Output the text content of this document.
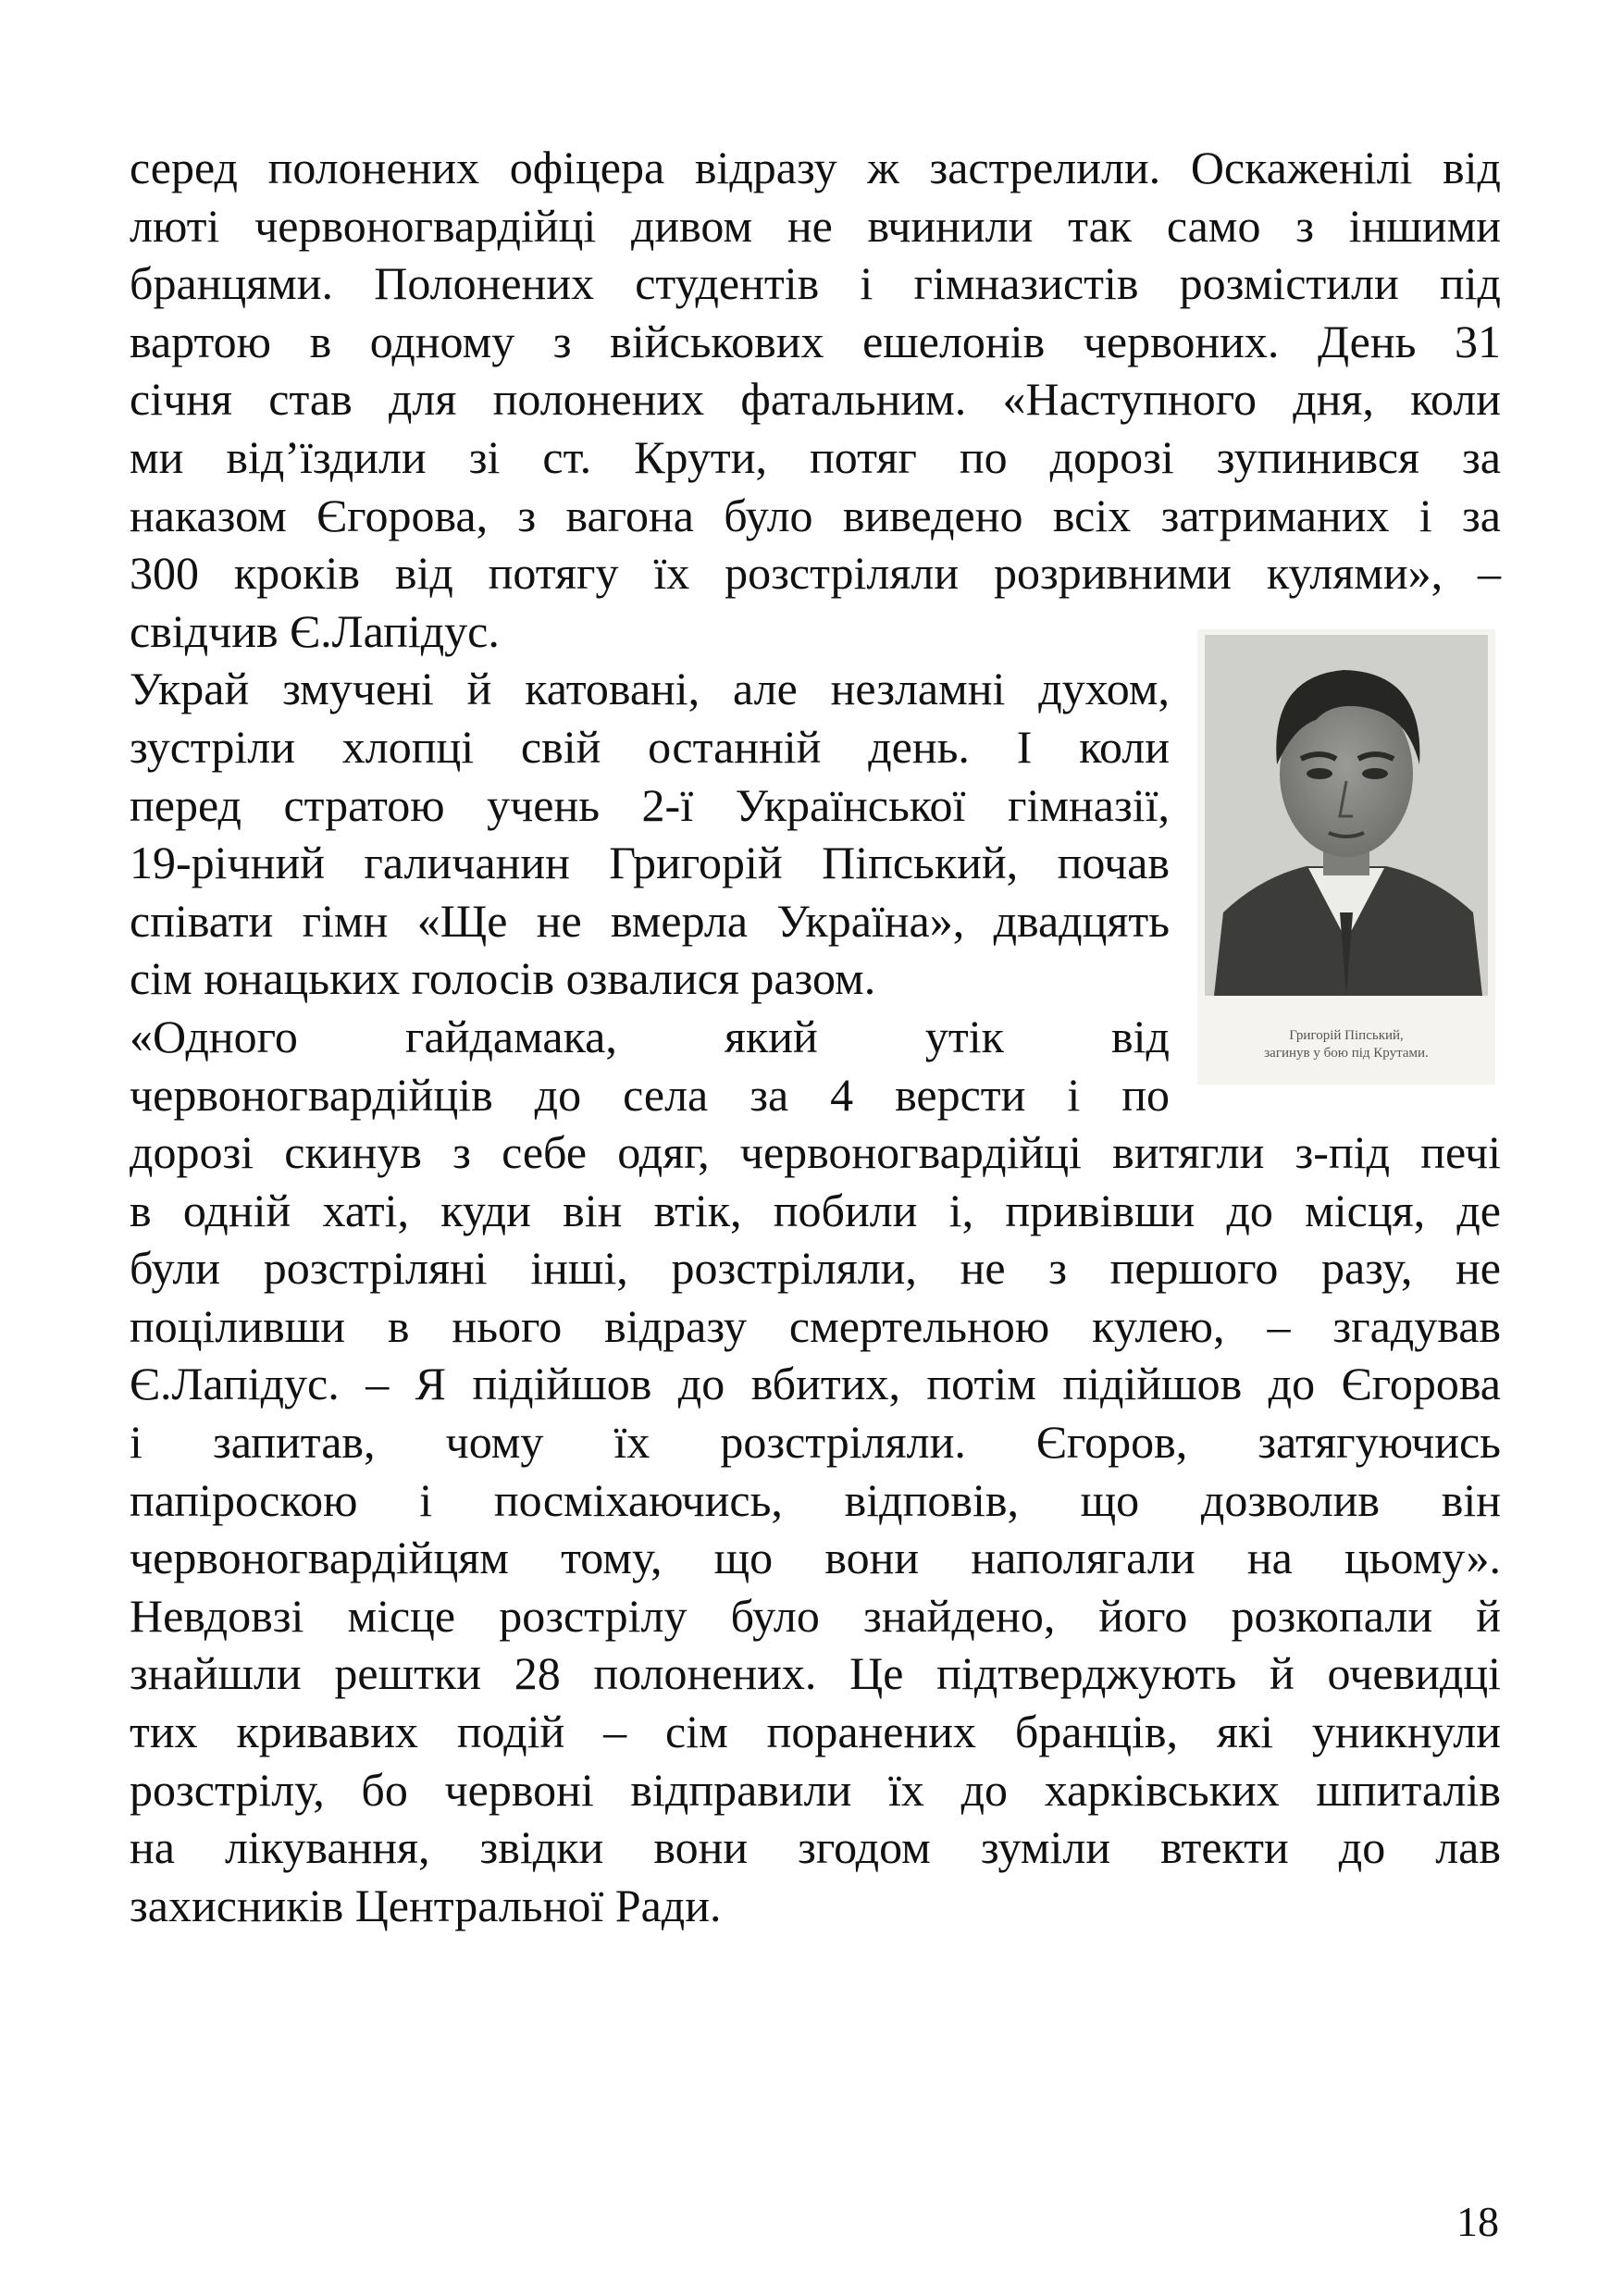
серед полонених офіцера відразу ж застрелили. Оскаженілі від
люті червоногвардійці дивом не вчинили так само з іншими
бранцями. Полонених студентів і гімназистів розмістили під
вартою в одному з військових ешелонів червоних. День 31
січня став для полонених фатальним. «Наступного дня, коли
ми від’їздили зі ст. Крути, потяг по дорозі зупинився за
наказом Єгорова, з вагона було виведено всіх затриманих і за
300 кроків від потягу їх розстріляли розривними кулями», –
свідчив Є.Лапідус.
Украй змучені й катовані, але незламні духом,
зустріли хлопці свій останній день. І коли
перед стратою учень 2-ї Української гімназії,
19-річний галичанин Григорій Піпський, почав
співати гімн «Ще не вмерла Україна», двадцять
сім юнацьких голосів озвалися разом.
«Одного гайдамака, який утік від
червоногвардійців до села за 4 версти і по
дорозі скинув з себе одяг, червоногвардійці витягли з-під печі
в одній хаті, куди він втік, побили і, привівши до місця, де
були розстріляні інші, розстріляли, не з першого разу, не
поціливши в нього відразу смертельною кулею, – згадував
Є.Лапідус. – Я підійшов до вбитих, потім підійшов до Єгорова
і запитав, чому їх розстріляли. Єгоров, затягуючись
папіроскою і посміхаючись, відповів, що дозволив він
червоногвардійцям тому, що вони наполягали на цьому».
Невдовзі місце розстрілу було знайдено, його розкопали й
знайшли рештки 28 полонених. Це підтверджують й очевидці
тих кривавих подій – сім поранених бранців, які уникнули
розстрілу, бо червоні відправили їх до харківських шпиталів
на лікування, звідки вони згодом зуміли втекти до лав
захисників Центральної Ради.
Григорій Піпський,
загинув у бою під Крутами.
18
